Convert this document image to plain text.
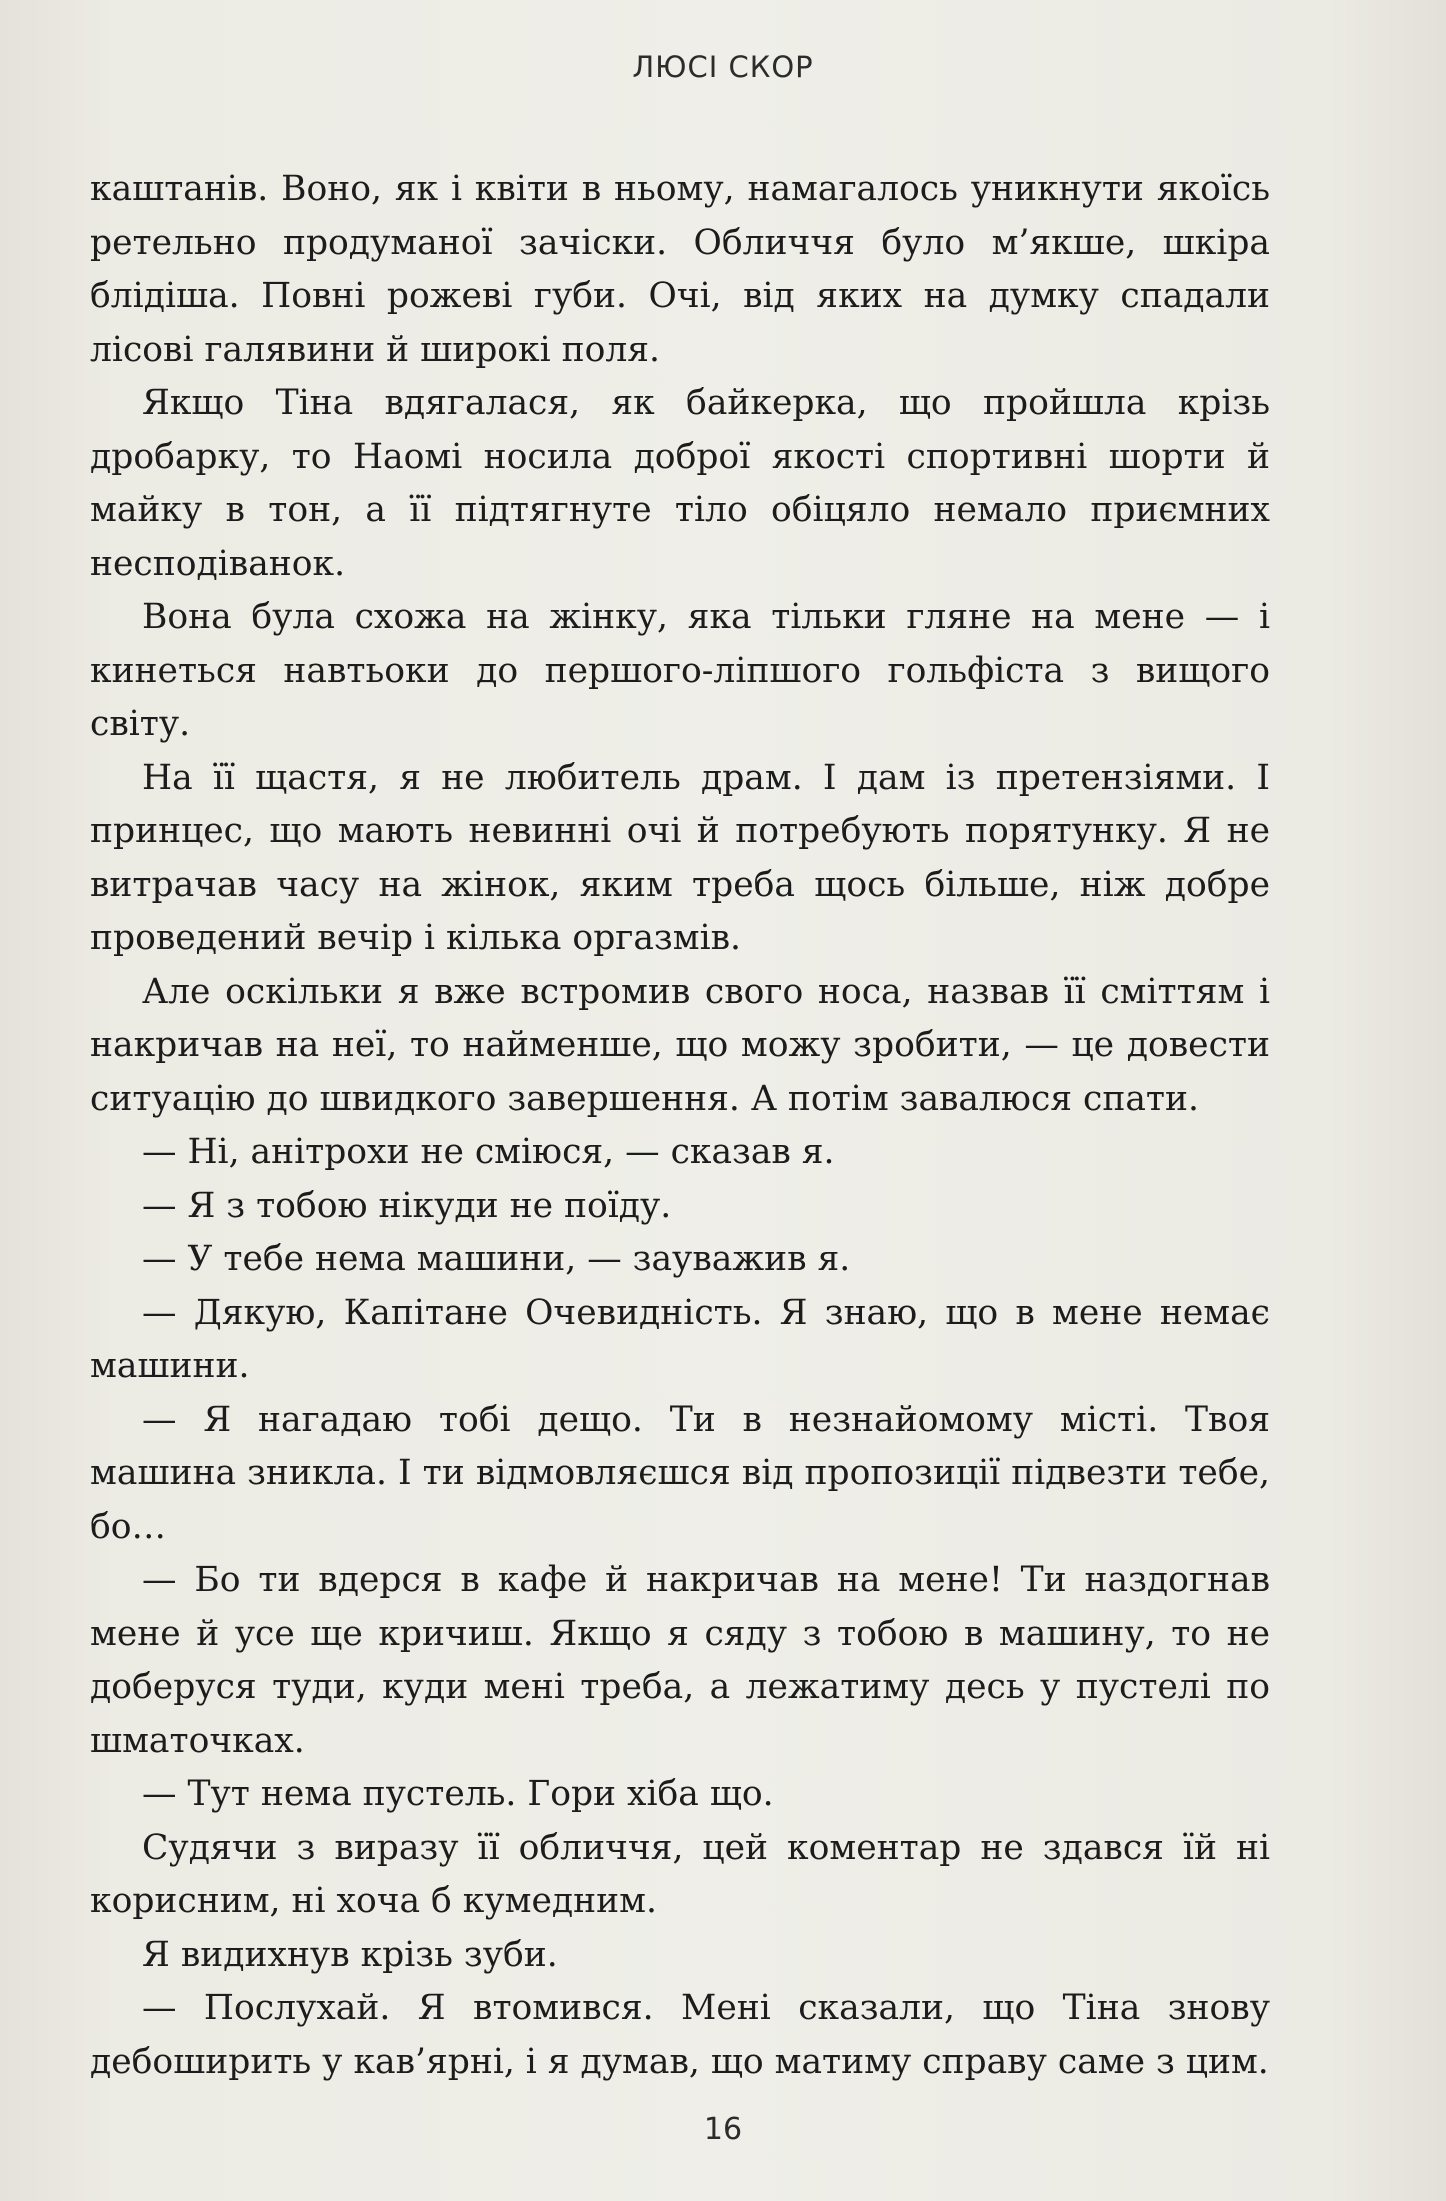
ЛЮСІ СКОР

каштанів. Воно, як і квіти в ньому, намагалось уникнути якоїсь ретельно продуманої зачіски. Обличчя було м’якше, шкіра блідіша. Повні рожеві губи. Очі, від яких на думку спадали лісові галявини й широкі поля.

Якщо Тіна вдягалася, як байкерка, що пройшла крізь дробарку, то Наомі носила доброї якості спортивні шорти й майку в тон, а її підтягнуте тіло обіцяло немало приємних несподіванок.

Вона була схожа на жінку, яка тільки гляне на мене — і кинеться навтьоки до першого-ліпшого гольфіста з вищого світу.

На її щастя, я не любитель драм. І дам із претензіями. І принцес, що мають невинні очі й потребують порятунку. Я не витрачав часу на жінок, яким треба щось більше, ніж добре проведений вечір і кілька оргазмів.

Але оскільки я вже встромив свого носа, назвав її сміттям і накричав на неї, то найменше, що можу зробити, — це довести ситуацію до швидкого завершення. А потім завалюся спати.

— Ні, анітрохи не сміюся, — сказав я.

— Я з тобою нікуди не поїду.

— У тебе нема машини, — зауважив я.

— Дякую, Капітане Очевидність. Я знаю, що в мене немає машини.

— Я нагадаю тобі дещо. Ти в незнайомому місті. Твоя машина зникла. І ти відмовляєшся від пропозиції підвезти тебе, бо…

— Бо ти вдерся в кафе й накричав на мене! Ти наздогнав мене й усе ще кричиш. Якщо я сяду з тобою в машину, то не доберуся туди, куди мені треба, а лежатиму десь у пустелі по шматочках.

— Тут нема пустель. Гори хіба що.

Судячи з виразу її обличчя, цей коментар не здався їй ні корисним, ні хоча б кумедним.

Я видихнув крізь зуби.

— Послухай. Я втомився. Мені сказали, що Тіна знову дебоширить у кав’ярні, і я думав, що матиму справу саме з цим.

16
